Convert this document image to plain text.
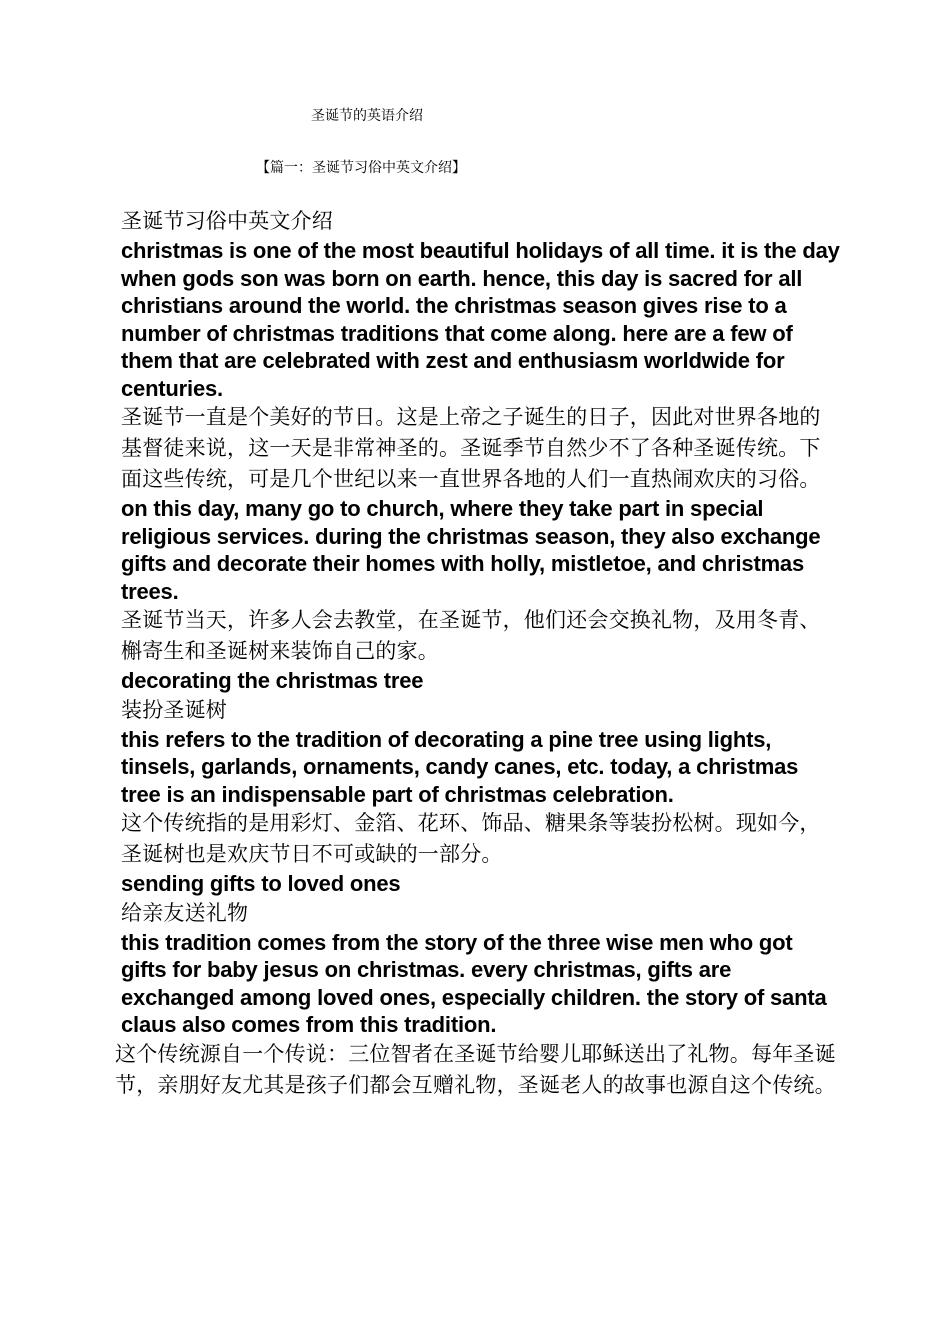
圣诞节的英语介绍
【篇一：圣诞节习俗中英文介绍】

圣诞节习俗中英文介绍

christmas is one of the most beautiful holidays of all time. it is the day when gods son was born on earth. hence, this day is sacred for all christians around the world. the christmas season gives rise to a number of christmas traditions that come along. here are a few of them that are celebrated with zest and enthusiasm worldwide for centuries.

圣诞节一直是个美好的节日。这是上帝之子诞生的日子，因此对世界各地的基督徒来说，这一天是非常神圣的。圣诞季节自然少不了各种圣诞传统。下面这些传统，可是几个世纪以来一直世界各地的人们一直热闹欢庆的习俗。

on this day, many go to church, where they take part in special religious services. during the christmas season, they also exchange gifts and decorate their homes with holly, mistletoe, and christmas trees.

圣诞节当天，许多人会去教堂，在圣诞节，他们还会交换礼物，及用冬青、槲寄生和圣诞树来装饰自己的家。

decorating the christmas tree

装扮圣诞树

this refers to the tradition of decorating a pine tree using lights, tinsels, garlands, ornaments, candy canes, etc. today, a christmas tree is an indispensable part of christmas celebration.

这个传统指的是用彩灯、金箔、花环、饰品、糖果条等装扮松树。现如今，圣诞树也是欢庆节日不可或缺的一部分。

sending gifts to loved ones

给亲友送礼物

this tradition comes from the story of the three wise men who got gifts for baby jesus on christmas. every christmas, gifts are exchanged among loved ones, especially children. the story of santa claus also comes from this tradition.

这个传统源自一个传说：三位智者在圣诞节给婴儿耶稣送出了礼物。每年圣诞节，亲朋好友尤其是孩子们都会互赠礼物，圣诞老人的故事也源自这个传统。
